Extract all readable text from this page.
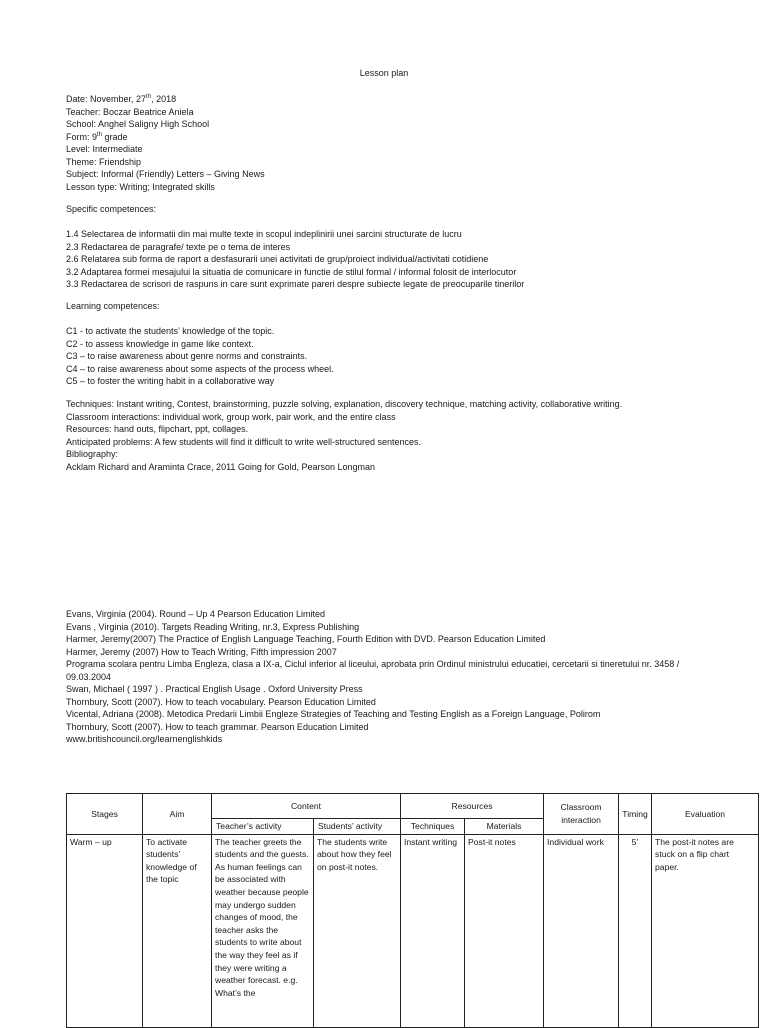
Lesson plan
Date: November, 27th, 2018
Teacher: Boczar Beatrice Aniela
School: Anghel Saligny High School
Form: 9th grade
Level: Intermediate
Theme: Friendship
Subject: Informal (Friendly) Letters – Giving News
Lesson type: Writing; Integrated skills
Specific competences:
1.4 Selectarea de informatii din mai multe texte in scopul indeplinirii unei sarcini structurate de lucru
2.3 Redactarea de paragrafe/ texte pe o tema de interes
2.6 Relatarea sub forma de raport a desfasurarii unei activitati de grup/proiect individual/activitati cotidiene
3.2 Adaptarea formei mesajului la situatia de comunicare in functie de stilul formal / informal folosit de interlocutor
3.3 Redactarea de scrisori de raspuns in care sunt exprimate pareri despre subiecte legate de preocuparile tinerilor
Learning competences:
C1 - to activate the students’ knowledge of the topic.
C2 - to assess knowledge in game like context.
C3 – to raise awareness about genre norms and constraints.
C4 – to raise awareness about some aspects of the process wheel.
C5 – to foster the writing habit in a collaborative way
Techniques: Instant writing, Contest, brainstorming, puzzle solving, explanation, discovery technique, matching activity, collaborative writing.
Classroom interactions: individual work, group work, pair work, and the entire class
Resources: hand outs, flipchart, ppt, collages.
Anticipated problems: A few students will find it difficult to write well-structured sentences.
Bibliography:
Acklam Richard and Araminta Crace, 2011 Going for Gold, Pearson Longman
Evans, Virginia (2004). Round – Up 4 Pearson Education Limited
Evans , Virginia (2010). Targets Reading Writing, nr.3, Express Publishing
Harmer, Jeremy(2007) The Practice of English Language Teaching, Fourth Edition with DVD. Pearson Education Limited
Harmer, Jeremy (2007) How to Teach Writing, Fifth impression 2007
Programa scolara pentru Limba Engleza, clasa a IX-a, Ciclul inferior al liceului, aprobata prin Ordinul ministrului educatiei, cercetarii si tineretului nr. 3458 / 09.03.2004
Swan, Michael ( 1997 ) . Practical English Usage . Oxford University Press
Thornbury, Scott (2007). How to teach vocabulary. Pearson Education Limited
Vicental, Adriana (2008). Metodica Predarii Limbii Engleze Strategies of Teaching and Testing English as a Foreign Language, Polirom
Thornbury, Scott (2007). How to teach grammar. Pearson Education Limited
www.britishcouncil.org/learnenglishkids
Stages	Aim	Content		Resources		Classroom interaction	Timing	Evaluation
		Teacher’s activity	Students’ activity	Techniques	Materials			
Warm – up	To activate students’ knowledge of the topic	The teacher greets the students and the guests. As human feelings can be associated with weather because people may undergo sudden changes of mood, the teacher asks the students to write about the way they feel as if they were writing a weather forecast. e.g. What’s the	The students write about how they feel on post-it notes.	Instant writing	Post-it notes	Individual work	5’	The post-it notes are stuck on a flip chart paper.
